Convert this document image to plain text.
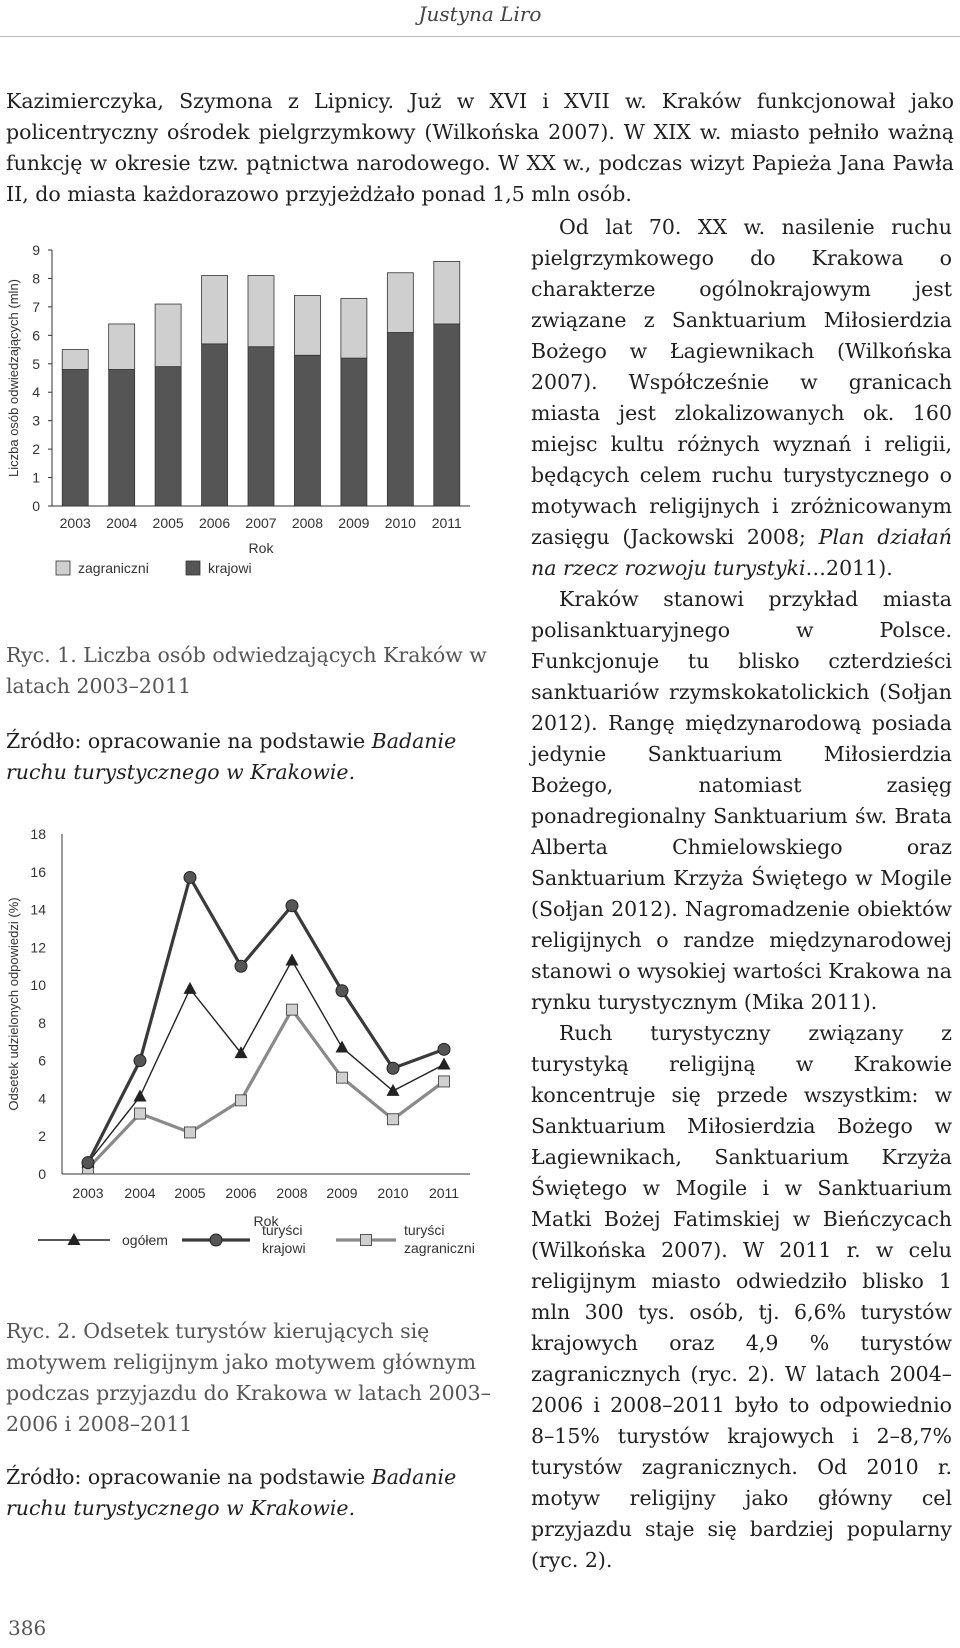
Justyna Liro

Kazimierczyka, Szymona z Lipnicy. Już w XVI i XVII w. Kraków funkcjonował jako policentryczny ośrodek pielgrzymkowy (Wilkońska 2007). W XIX w. miasto pełniło ważną funkcję w okresie tzw. pątnictwa narodowego. W XX w., podczas wizyt Papieża Jana Pawła II, do miasta każdorazowo przyjeżdżało ponad 1,5 mln osób.

Od lat 70. XX w. nasilenie ruchu pielgrzymkowego do Krakowa o charakterze ogólnokrajowym jest związane z Sanktuarium Miłosierdzia Bożego w Łagiewnikach (Wilkońska 2007). Współcześnie w granicach miasta jest zlokalizowanych ok. 160 miejsc kultu różnych wyznań i religii, będących celem ruchu turystycznego o motywach religijnych i zróżnicowanym zasięgu (Jackowski 2008; Plan działań na rzecz rozwoju turystyki…2011).

Kraków stanowi przykład miasta polisanktuaryjnego w Polsce. Funkcjonuje tu blisko czterdzieści sanktuariów rzymskokatolickich (Sołjan 2012). Rangę międzynarodową posiada jedynie Sanktuarium Miłosierdzia Bożego, natomiast zasięg ponadregionalny Sanktuarium św. Brata Alberta Chmielowskiego oraz Sanktuarium Krzyża Świętego w Mogile (Sołjan 2012). Nagromadzenie obiektów religijnych o randze międzynarodowej stanowi o wysokiej wartości Krakowa na rynku turystycznym (Mika 2011).

Ruch turystyczny związany z turystyką religijną w Krakowie koncentruje się przede wszystkim: w Sanktuarium Miłosierdzia Bożego w Łagiewnikach, Sanktuarium Krzyża Świętego w Mogile i w Sanktuarium Matki Bożej Fatimskiej w Bieńczycach (Wilkońska 2007). W 2011 r. w celu religijnym miasto odwiedziło blisko 1 mln 300 tys. osób, tj. 6,6% turystów krajowych oraz 4,9 % turystów zagranicznych (ryc. 2). W latach 2004–2006 i 2008–2011 było to odpowiednio 8–15% turystów krajowych i 2–8,7% turystów zagranicznych. Od 2010 r. motyw religijny jako główny cel przyjazdu staje się bardziej popularny (ryc. 2).

0
1
2
3
4
5
6
7
8
9
2003 2004 2005 2006 2007 2008 2009 2010 2011
Rok
Liczba osób odwiedzających (mln)
zagraniczni	krajowi
Ryc. 1. Liczba osób odwiedzających Kraków w latach 2003–2011
Źródło: opracowanie na podstawie Badanie ruchu turystycznego w Krakowie.
0
2
4
6
8
10
12
14
16
18
2003 2004 2005 2006 2008 2009 2010 2011
Rok
Odsetek udzielonych odpowiedzi (%)
ogółem
turyści krajowi
turyści zagraniczni
Ryc. 2. Odsetek turystów kierujących się motywem religijnym jako motywem głównym podczas przyjazdu do Krakowa w latach 2003–2006 i 2008–2011
Źródło: opracowanie na podstawie Badanie ruchu turystycznego w Krakowie.
386
